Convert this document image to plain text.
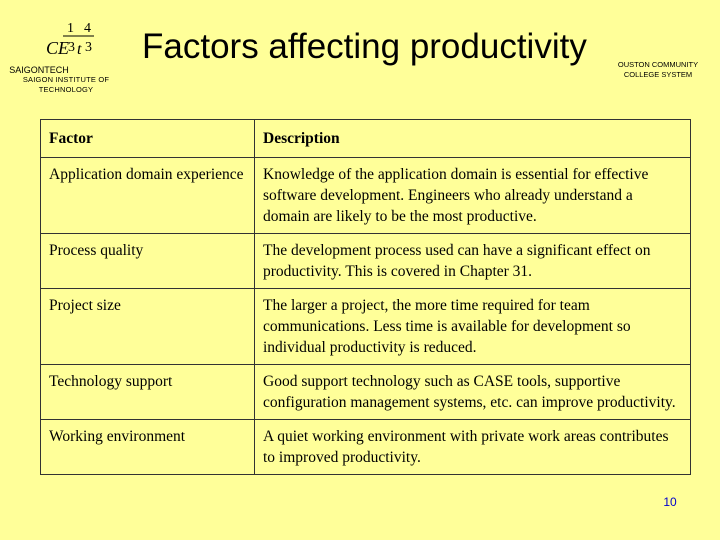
1 4
CE
3 t 3
SAIGONTECH
SAIGON INSTITUTE OF TECHNOLOGY
Factors affecting productivity	OUSTON COMMUNITY COLLEGE SYSTEM
Factor	Description
Application domain experience	Knowledge of the application domain is essential for effective software development. Engineers who already understand a domain are likely to be the most productive.
Process quality	The development process used can have a significant effect on productivity. This is covered in Chapter 31.
Project size	The larger a project, the more time required for team communications. Less time is available for development so individual productivity is reduced.
Technology support	Good support technology such as CASE tools, supportive configuration management systems, etc. can improve productivity.
Working environment	A quiet working environment with private work areas contributes to improved productivity.
10
